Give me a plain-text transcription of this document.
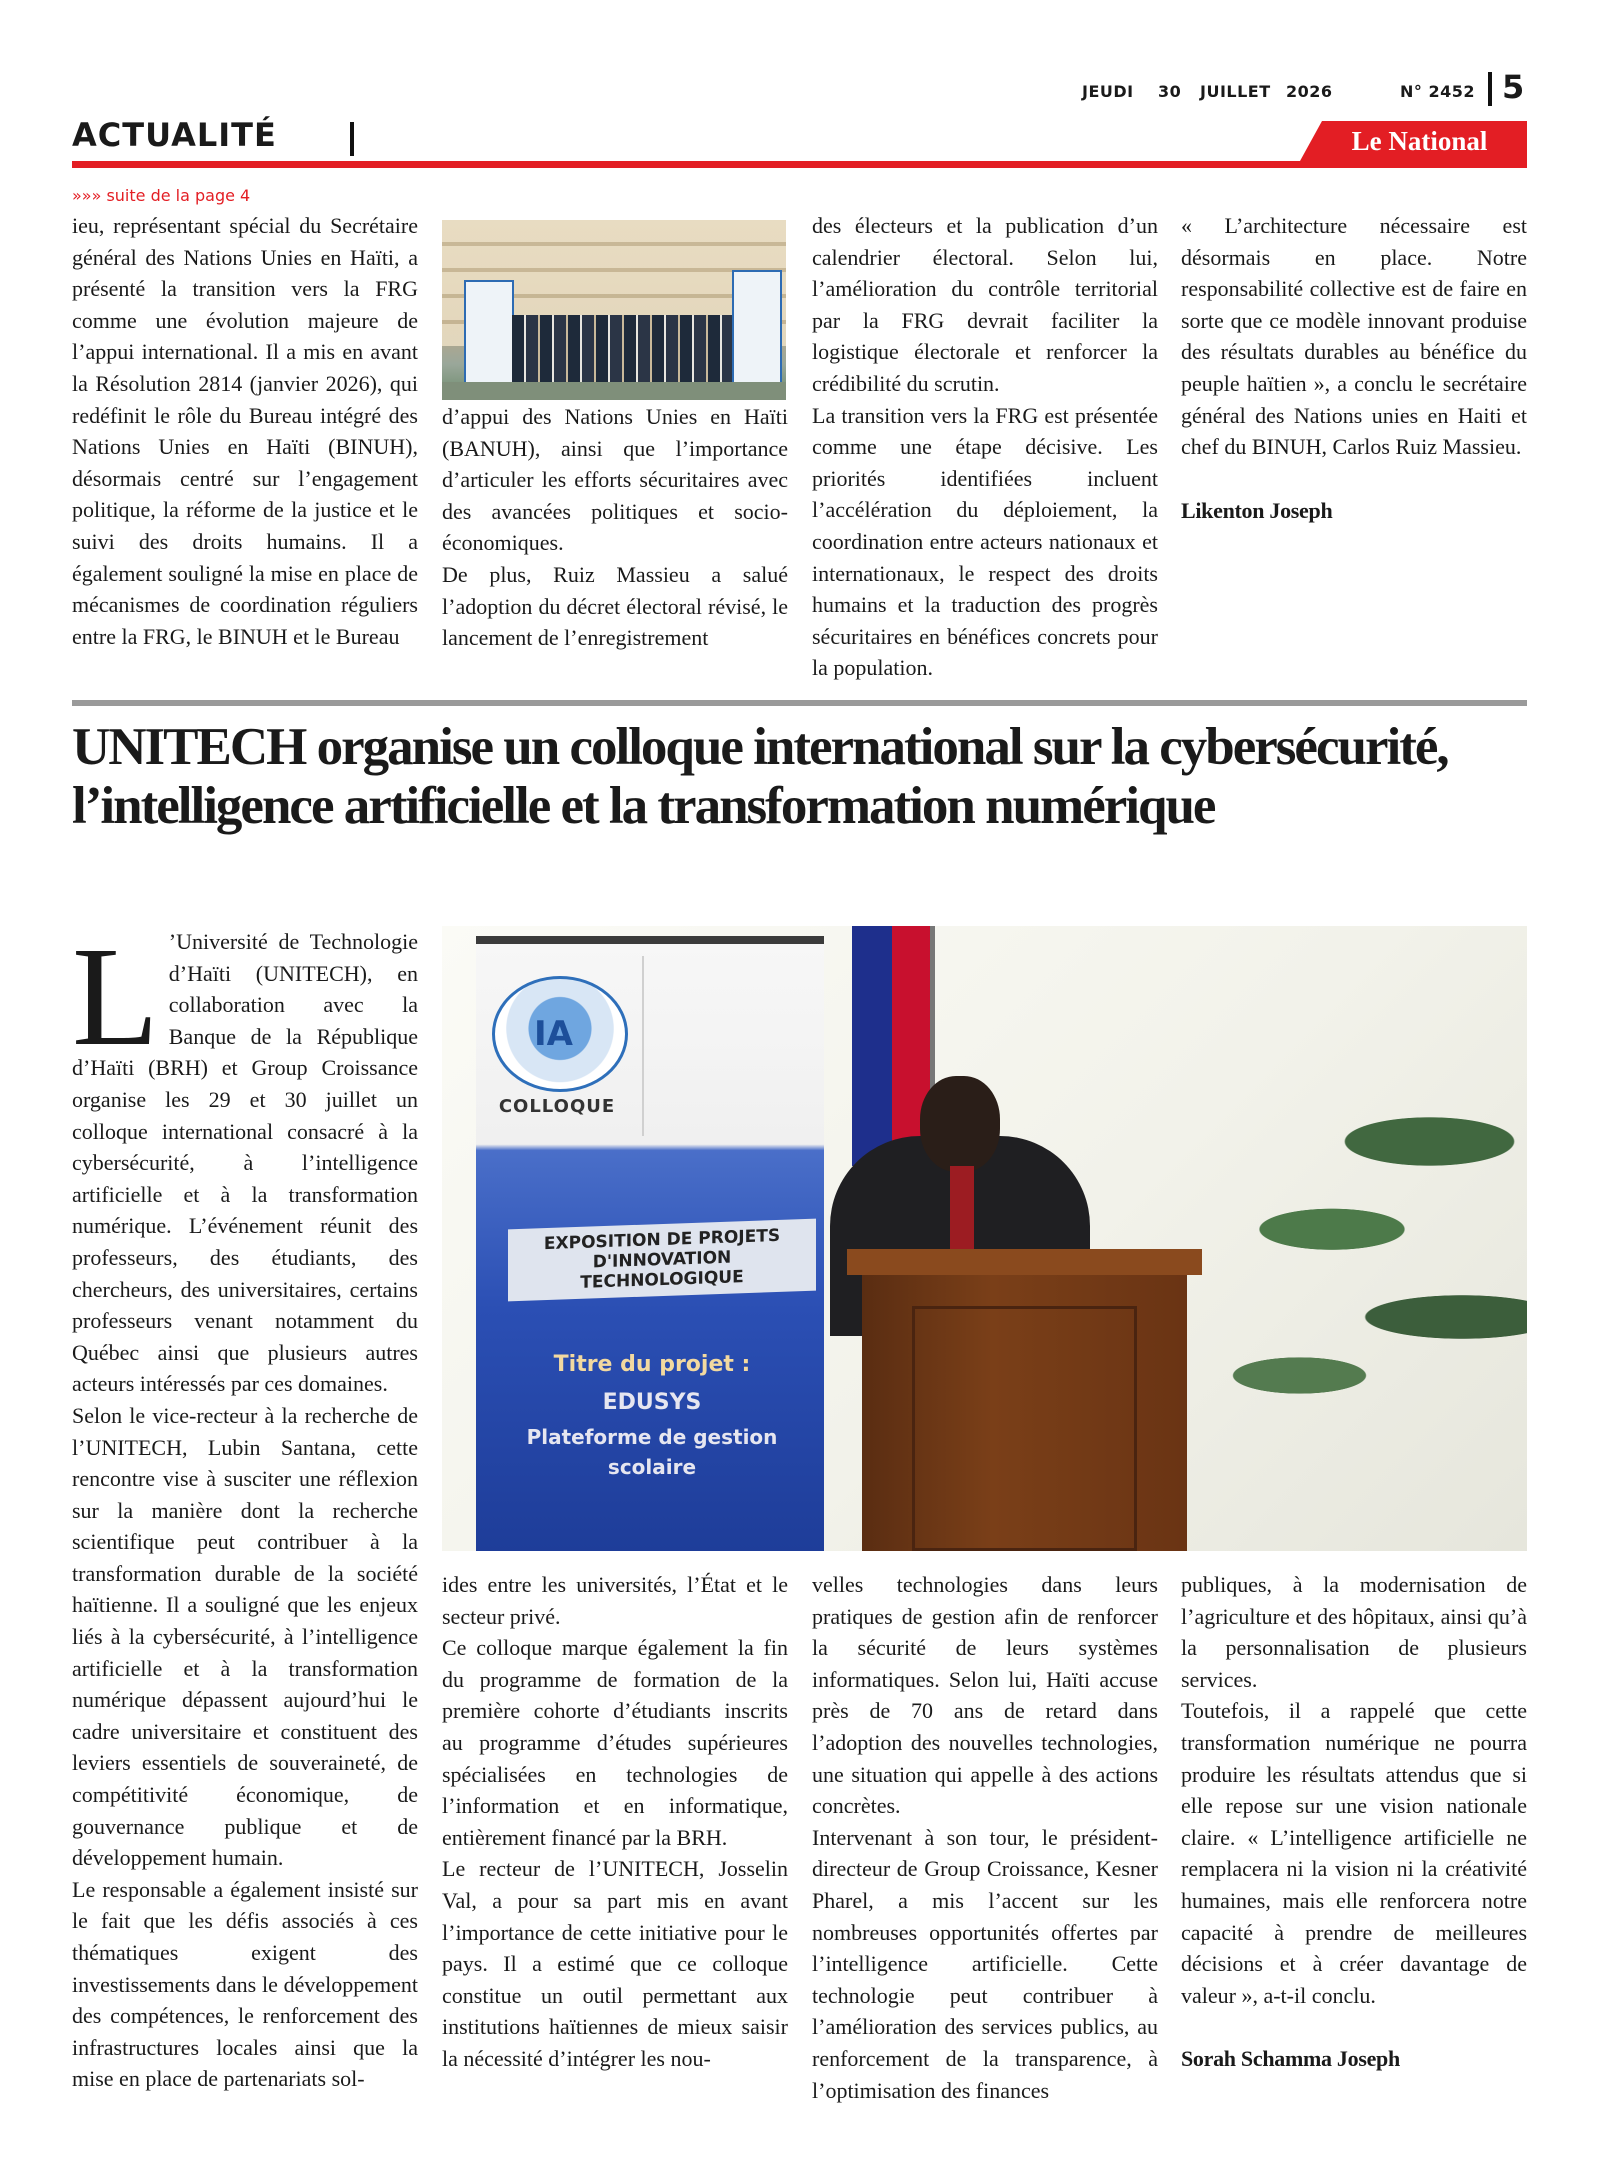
JEUDI 30 JUILLET 2026	N° 2452 5
ACTUALITÉ	Le National
»»» suite de la page 4

ieu, représentant spécial du Secrétaire général des Nations Unies en Haïti, a présenté la transition vers la FRG comme une évolution majeure de l’appui international. Il a mis en avant la Résolution 2814 (janvier 2026), qui redéfinit le rôle du Bureau intégré des Nations Unies en Haïti (BINUH), désormais centré sur l’engagement politique, la réforme de la justice et le suivi des droits humains. Il a également souligné la mise en place de mécanismes de coordination réguliers entre la FRG, le BINUH et le Bureau

d’appui des Nations Unies en Haïti (BANUH), ainsi que l’importance d’articuler les efforts sécuritaires avec des avancées politiques et socio-économiques.

De plus, Ruiz Massieu a salué l’adoption du décret électoral révisé, le lancement de l’enregistrement

des électeurs et la publication d’un calendrier électoral. Selon lui, l’amélioration du contrôle territorial par la FRG devrait faciliter la logistique électorale et renforcer la crédibilité du scrutin.

La transition vers la FRG est présentée comme une étape décisive. Les priorités identifiées incluent l’accélération du déploiement, la coordination entre acteurs nationaux et internationaux, le respect des droits humains et la traduction des progrès sécuritaires en bénéfices concrets pour la population.

« L’architecture nécessaire est désormais en place. Notre responsabilité collective est de faire en sorte que ce modèle innovant produise des résultats durables au bénéfice du peuple haïtien », a conclu le secrétaire général des Nations unies en Haiti et chef du BINUH, Carlos Ruiz Massieu.

Likenton Joseph

UNITECH organise un colloque international sur la cybersécurité, l’intelligence artificielle et la transformation numérique
L ’Université de Technologie d’Haïti (UNITECH), en collaboration avec la Banque de la République d’Haïti (BRH) et Group Croissance organise les 29 et 30 juillet un colloque international consacré à la cybersécurité, à l’intelligence artificielle et à la transformation numérique. L’événement réunit des professeurs, des étudiants, des chercheurs, des universitaires, certains professeurs venant notamment du Québec ainsi que plusieurs autres acteurs intéressés par ces domaines.

Selon le vice-recteur à la recherche de l’UNITECH, Lubin Santana, cette rencontre vise à susciter une réflexion sur la manière dont la recherche scientifique peut contribuer à la transformation durable de la société haïtienne. Il a souligné que les enjeux liés à la cybersécurité, à l’intelligence artificielle et à la transformation numérique dépassent aujourd’hui le cadre universitaire et constituent des leviers essentiels de souveraineté, de compétitivité économique, de gouvernance publique et de développement humain.

Le responsable a également insisté sur le fait que les défis associés à ces thématiques exigent des investissements dans le développement des compétences, le renforcement des infrastructures locales ainsi que la mise en place de partenariats sol-

IA
COLLOQUE
EXPOSITION DE PROJETS
D'INNOVATION TECHNOLOGIQUE
Titre du projet :
EDUSYS
Plateforme de gestion scolaire

ides entre les universités, l’État et le secteur privé.

Ce colloque marque également la fin du programme de formation de la première cohorte d’étudiants inscrits au programme d’études supérieures spécialisées en technologies de l’information et en informatique, entièrement financé par la BRH.

Le recteur de l’UNITECH, Josselin Val, a pour sa part mis en avant l’importance de cette initiative pour le pays. Il a estimé que ce colloque constitue un outil permettant aux institutions haïtiennes de mieux saisir la nécessité d’intégrer les nou-

velles technologies dans leurs pratiques de gestion afin de renforcer la sécurité de leurs systèmes informatiques. Selon lui, Haïti accuse près de 70 ans de retard dans l’adoption des nouvelles technologies, une situation qui appelle à des actions concrètes.

Intervenant à son tour, le président-directeur de Group Croissance, Kesner Pharel, a mis l’accent sur les nombreuses opportunités offertes par l’intelligence artificielle. Cette technologie peut contribuer à l’amélioration des services publics, au renforcement de la transparence, à l’optimisation des finances

publiques, à la modernisation de l’agriculture et des hôpitaux, ainsi qu’à la personnalisation de plusieurs services.

Toutefois, il a rappelé que cette transformation numérique ne pourra produire les résultats attendus que si elle repose sur une vision nationale claire. « L’intelligence artificielle ne remplacera ni la vision ni la créativité humaines, mais elle renforcera notre capacité à prendre de meilleures décisions et à créer davantage de valeur », a-t-il conclu.

Sorah Schamma Joseph
